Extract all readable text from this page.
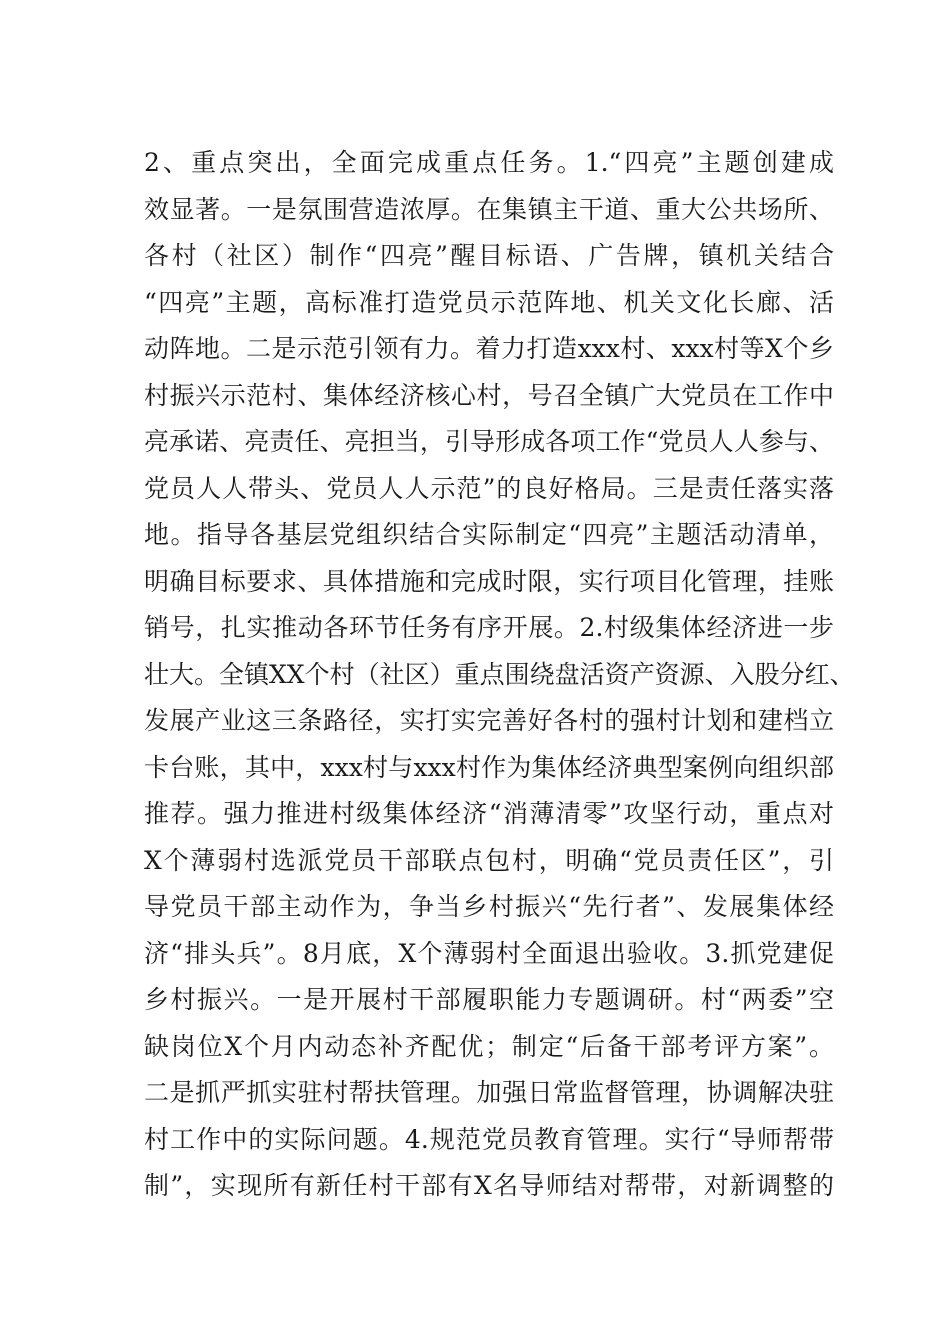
2、重点突出，全面完成重点任务。1.“四亮”主题创建成
效显著。一是氛围营造浓厚。在集镇主干道、重大公共场所、
各村（社区）制作“四亮”醒目标语、广告牌，镇机关结合
“四亮”主题，高标准打造党员示范阵地、机关文化长廊、活
动阵地。二是示范引领有力。着力打造xxx村、xxx村等X个乡
村振兴示范村、集体经济核心村，号召全镇广大党员在工作中
亮承诺、亮责任、亮担当，引导形成各项工作“党员人人参与、
党员人人带头、党员人人示范”的良好格局。三是责任落实落
地。指导各基层党组织结合实际制定“四亮”主题活动清单，
明确目标要求、具体措施和完成时限，实行项目化管理，挂账
销号，扎实推动各环节任务有序开展。2.村级集体经济进一步
壮大。全镇XX个村（社区）重点围绕盘活资产资源、入股分红、
发展产业这三条路径，实打实完善好各村的强村计划和建档立
卡台账，其中，xxx村与xxx村作为集体经济典型案例向组织部
推荐。强力推进村级集体经济“消薄清零”攻坚行动，重点对
X个薄弱村选派党员干部联点包村，明确“党员责任区”，引
导党员干部主动作为，争当乡村振兴“先行者”、发展集体经
济“排头兵”。8月底，X个薄弱村全面退出验收。3.抓党建促
乡村振兴。一是开展村干部履职能力专题调研。村“两委”空
缺岗位X个月内动态补齐配优；制定“后备干部考评方案”。
二是抓严抓实驻村帮扶管理。加强日常监督管理，协调解决驻
村工作中的实际问题。4.规范党员教育管理。实行“导师帮带
制”，实现所有新任村干部有X名导师结对帮带，对新调整的
